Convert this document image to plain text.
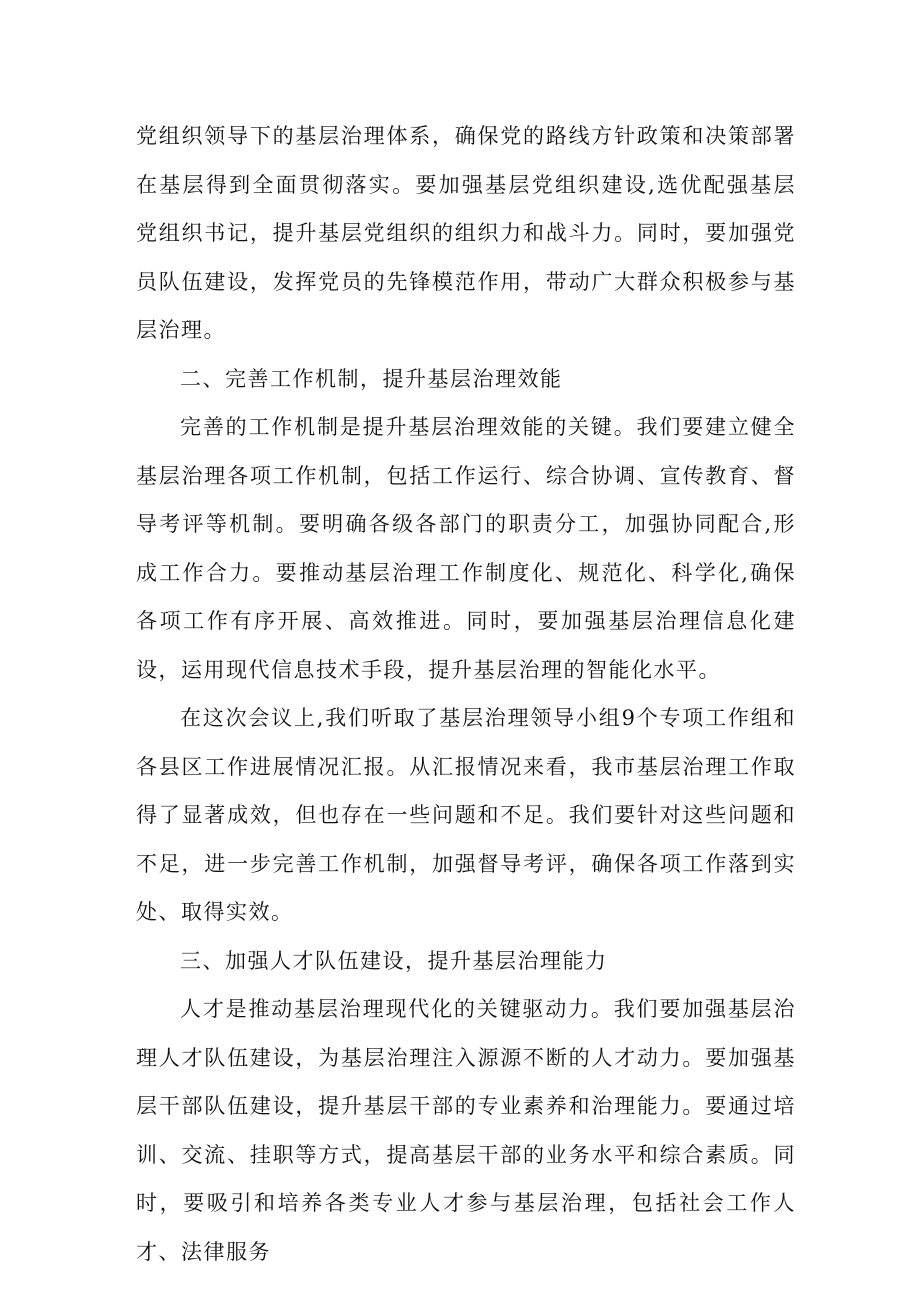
党组织领导下的基层治理体系，确保党的路线方针政策和决策部署在基层得到全面贯彻落实。要加强基层党组织建设,选优配强基层党组织书记，提升基层党组织的组织力和战斗力。同时，要加强党员队伍建设，发挥党员的先锋模范作用，带动广大群众积极参与基层治理。

二、完善工作机制，提升基层治理效能

完善的工作机制是提升基层治理效能的关键。我们要建立健全基层治理各项工作机制，包括工作运行、综合协调、宣传教育、督导考评等机制。要明确各级各部门的职责分工，加强协同配合,形成工作合力。要推动基层治理工作制度化、规范化、科学化,确保各项工作有序开展、高效推进。同时，要加强基层治理信息化建设，运用现代信息技术手段，提升基层治理的智能化水平。

在这次会议上,我们听取了基层治理领导小组9个专项工作组和各县区工作进展情况汇报。从汇报情况来看，我市基层治理工作取得了显著成效，但也存在一些问题和不足。我们要针对这些问题和不足，进一步完善工作机制，加强督导考评，确保各项工作落到实处、取得实效。

三、加强人才队伍建设，提升基层治理能力

人才是推动基层治理现代化的关键驱动力。我们要加强基层治理人才队伍建设，为基层治理注入源源不断的人才动力。要加强基层干部队伍建设，提升基层干部的专业素养和治理能力。要通过培训、交流、挂职等方式，提高基层干部的业务水平和综合素质。同时，要吸引和培养各类专业人才参与基层治理，包括社会工作人才、法律服务
